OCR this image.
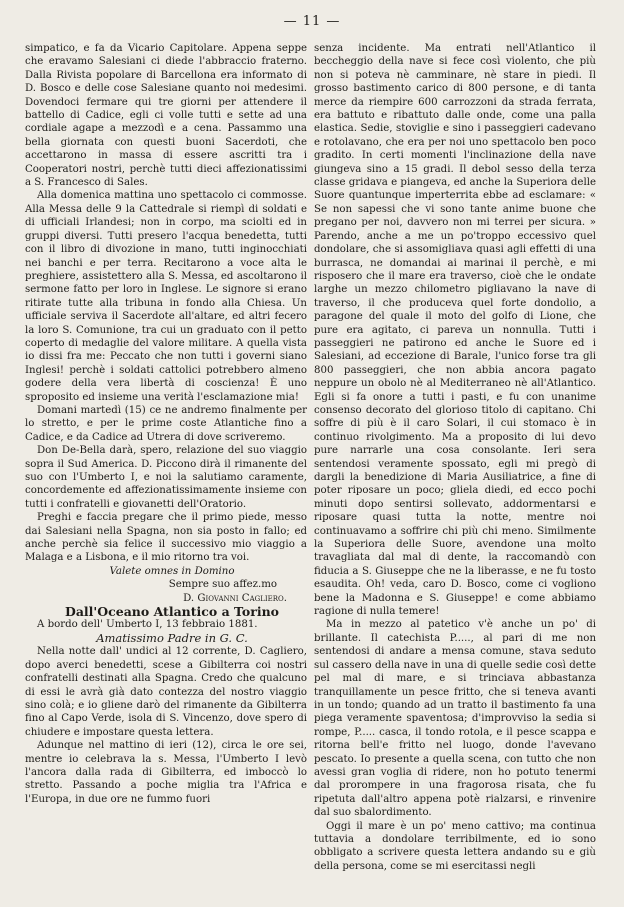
— 11 —

simpatico, e fa da Vicario Capitolare. Appena seppe che eravamo Salesiani ci diede l'abbraccio fraterno. Dalla Rivista popolare di Barcellona era informato di D. Bosco e delle cose Salesiane quanto noi medesimi. Dovendoci fermare qui tre giorni per attendere il battello di Cadice, egli ci volle tutti e sette ad una cordiale agape a mezzodì e a cena. Passammo una bella giornata con questi buoni Sacerdoti, che accettarono in massa di essere ascritti tra i Cooperatori nostri, perchè tutti dieci affezionatissimi a S. Francesco di Sales.

Alla domenica mattina uno spettacolo ci commosse. Alla Messa delle 9 la Cattedrale si riempì di soldati e di ufficiali Irlandesi; non in corpo, ma sciolti ed in gruppi diversi. Tutti presero l'acqua benedetta, tutti con il libro di divozione in mano, tutti inginocchiati nei banchi e per terra. Recitarono a voce alta le preghiere, assistettero alla S. Messa, ed ascoltarono il sermone fatto per loro in Inglese. Le signore si erano ritirate tutte alla tribuna in fondo alla Chiesa. Un ufficiale serviva il Sacerdote all'altare, ed altri fecero la loro S. Comunione, tra cui un graduato con il petto coperto di medaglie del valore militare. A quella vista io dissi fra me: Peccato che non tutti i governi siano Inglesi! perchè i soldati cattolici potrebbero almeno godere della vera libertà di coscienza! È uno sproposito ed insieme una verità l'esclamazione mia!

Domani martedì (15) ce ne andremo finalmente per lo stretto, e per le prime coste Atlantiche fino a Cadice, e da Cadice ad Utrera di dove scriveremo.

Don De-Bella darà, spero, relazione del suo viaggio sopra il Sud America. D. Piccono dirà il rimanente del suo con l'Umberto I, e noi la salutiamo caramente, concordemente ed affezionatissimamente insieme con tutti i confratelli e giovanetti dell'Oratorio.

Preghi e faccia pregare che il primo piede, messo dai Salesiani nella Spagna, non sia posto in fallo; ed anche perchè sia felice il successivo mio viaggio a Malaga e a Lisbona, e il mio ritorno tra voi.

Valete omnes in Domino

Sempre suo affez.mo

D. Giovanni Cagliero.

Dall'Oceano Atlantico a Torino

A bordo dell' Umberto I, 13 febbraio 1881.

Amatissimo Padre in G. C.

Nella notte dall' undici al 12 corrente, D. Cagliero, dopo averci benedetti, scese a Gibilterra coi nostri confratelli destinati alla Spagna. Credo che qualcuno di essi le avrà già dato contezza del nostro viaggio sino colà; e io gliene darò del rimanente da Gibilterra fino al Capo Verde, isola di S. Vincenzo, dove spero di chiudere e impostare questa lettera.

Adunque nel mattino di ieri (12), circa le ore sei, mentre io celebrava la s. Messa, l'Umberto I levò l'ancora dalla rada di Gibilterra, ed imboccò lo stretto. Passando a poche miglia tra l'Africa e l'Europa, in due ore ne fummo fuori

senza incidente. Ma entrati nell'Atlantico il beccheggio della nave si fece così violento, che più non si poteva nè camminare, nè stare in piedi. Il grosso bastimento carico di 800 persone, e di tanta merce da riempire 600 carrozzoni da strada ferrata, era battuto e ribattuto dalle onde, come una palla elastica. Sedie, stoviglie e sino i passeggieri cadevano e rotolavano, che era per noi uno spettacolo ben poco gradito. In certi momenti l'inclinazione della nave giungeva sino a 15 gradi. Il debol sesso della terza classe gridava e piangeva, ed anche la Superiora delle Suore quantunque imperterrita ebbe ad esclamare: « Se non sapessi che vi sono tante anime buone che pregano per noi, davvero non mi terrei per sicura. » Parendo, anche a me un po'troppo eccessivo quel dondolare, che si assomigliava quasi agli effetti di una burrasca, ne domandai ai marinai il perchè, e mi risposero che il mare era traverso, cioè che le ondate larghe un mezzo chilometro pigliavano la nave di traverso, il che produceva quel forte dondolio, a paragone del quale il moto del golfo di Lione, che pure era agitato, ci pareva un nonnulla. Tutti i passeggieri ne patirono ed anche le Suore ed i Salesiani, ad eccezione di Barale, l'unico forse tra gli 800 passeggieri, che non abbia ancora pagato neppure un obolo nè al Mediterraneo nè all'Atlantico. Egli si fa onore a tutti i pasti, e fu con unanime consenso decorato del glorioso titolo di capitano. Chi soffre di più è il caro Solari, il cui stomaco è in continuo rivolgimento. Ma a proposito di lui devo pure narrarle una cosa consolante. Ieri sera sentendosi veramente spossato, egli mi pregò di dargli la benedizione di Maria Ausiliatrice, a fine di poter riposare un poco; gliela diedi, ed ecco pochi minuti dopo sentirsi sollevato, addormentarsi e riposare quasi tutta la notte, mentre noi continuavamo a soffrire chi più chi meno. Similmente la Superiora delle Suore, avendone una molto travagliata dal mal di dente, la raccomandò con fiducia a S. Giuseppe che ne la liberasse, e ne fu tosto esaudita. Oh! veda, caro D. Bosco, come ci vogliono bene la Madonna e S. Giuseppe! e come abbiamo ragione di nulla temere!

Ma in mezzo al patetico v'è anche un po' di brillante. Il catechista P....., al pari di me non sentendosi di andare a mensa comune, stava seduto sul cassero della nave in una di quelle sedie così dette pel mal di mare, e si trinciava abbastanza tranquillamente un pesce fritto, che si teneva avanti in un tondo; quando ad un tratto il bastimento fa una piega veramente spaventosa; d'improvviso la sedia si rompe, P..... casca, il tondo rotola, e il pesce scappa e ritorna bell'e fritto nel luogo, donde l'avevano pescato. Io presente a quella scena, con tutto che non avessi gran voglia di ridere, non ho potuto tenermi dal prorompere in una fragorosa risata, che fu ripetuta dall'altro appena potè rialzarsi, e rinvenire dal suo sbalordimento.

Oggi il mare è un po' meno cattivo; ma continua tuttavia a dondolare terribilmente, ed io sono obbligato a scrivere questa lettera andando su e giù della persona, come se mi esercitassi negli
